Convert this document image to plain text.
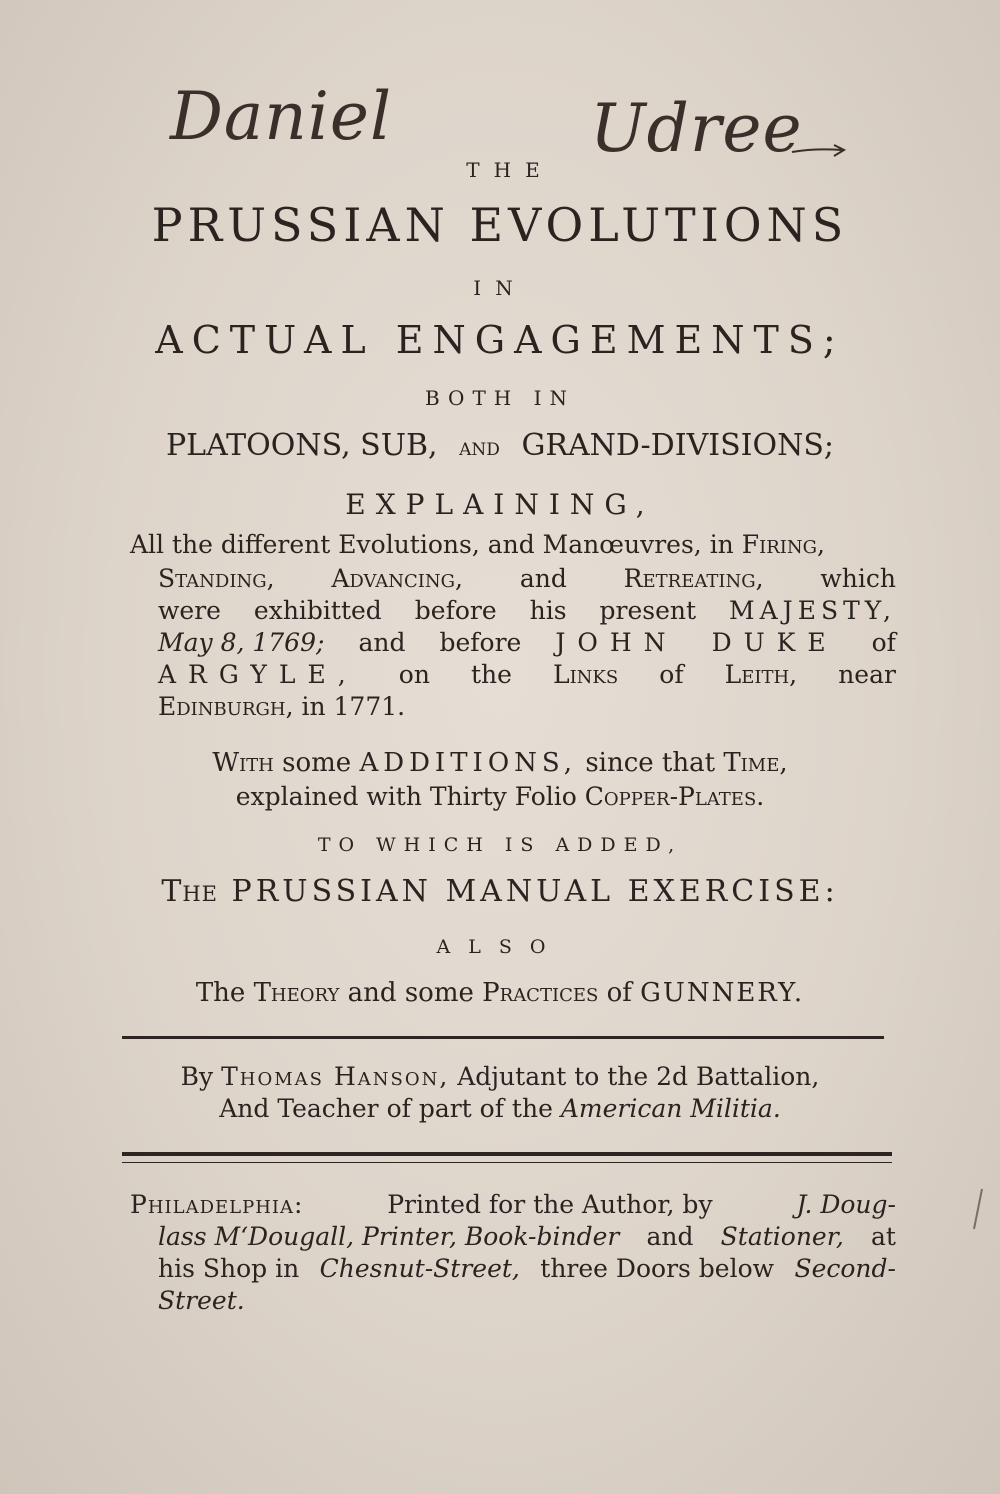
Daniel	Udree
THE
PRUSSIAN EVOLUTIONS
IN
ACTUAL ENGAGEMENTS;
BOTH IN
PLATOONS, SUB, and GRAND-DIVISIONS;
EXPLAINING,
All the different Evolutions, and Manœuvres, in Firing,
Standing, Advancing, and Retreating, which
were exhibitted before his present MAJESTY,
May 8, 1769; and before JOHN DUKE of
ARGYLE, on the Links of Leith, near
Edinburgh, in 1771.
With some ADDITIONS, since that Time,
explained with Thirty Folio Copper-Plates.
TO WHICH IS ADDED,
The PRUSSIAN MANUAL EXERCISE:
ALSO
The Theory and some Practices of GUNNERY.
By Thomas Hanson, Adjutant to the 2d Battalion,
And Teacher of part of the American Militia.
Philadelphia:	Printed for the Author, by	J. Doug-
lass M‘Dougall, Printer, Book-binder and Stationer, at
his Shop in Chesnut-Street, three Doors below Second-
Street.
